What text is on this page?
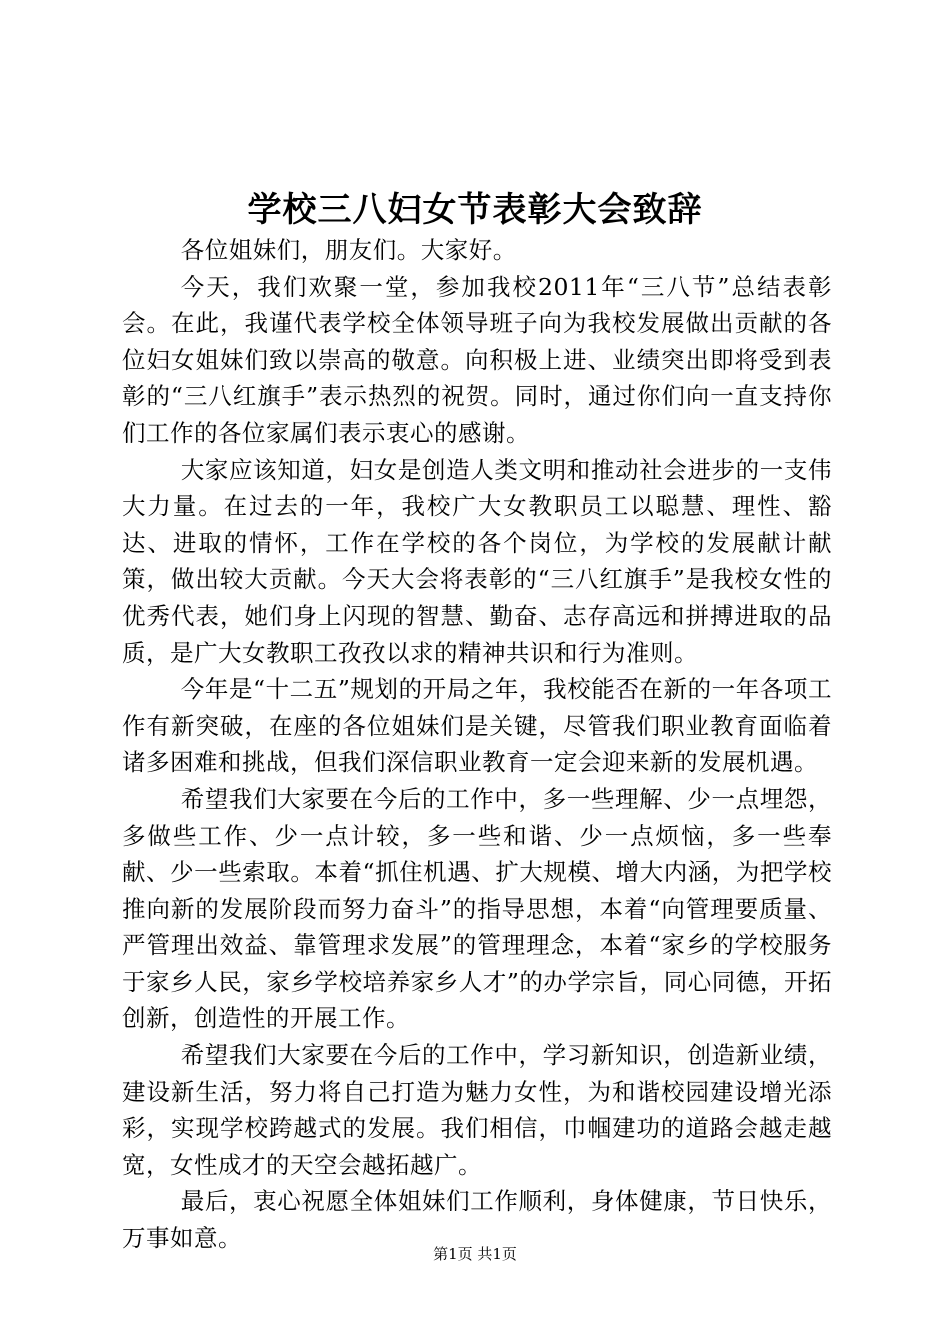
学校三八妇女节表彰大会致辞

各位姐妹们，朋友们。大家好。

今天，我们欢聚一堂，参加我校2011年“三八节”总结表彰会。在此，我谨代表学校全体领导班子向为我校发展做出贡献的各位妇女姐妹们致以崇高的敬意。向积极上进、业绩突出即将受到表彰的“三八红旗手”表示热烈的祝贺。同时，通过你们向一直支持你们工作的各位家属们表示衷心的感谢。

大家应该知道，妇女是创造人类文明和推动社会进步的一支伟大力量。在过去的一年，我校广大女教职员工以聪慧、理性、豁达、进取的情怀，工作在学校的各个岗位，为学校的发展献计献策，做出较大贡献。今天大会将表彰的“三八红旗手”是我校女性的优秀代表，她们身上闪现的智慧、勤奋、志存高远和拼搏进取的品质，是广大女教职工孜孜以求的精神共识和行为准则。

今年是“十二五”规划的开局之年，我校能否在新的一年各项工作有新突破，在座的各位姐妹们是关键，尽管我们职业教育面临着诸多困难和挑战，但我们深信职业教育一定会迎来新的发展机遇。

希望我们大家要在今后的工作中，多一些理解、少一点埋怨，多做些工作、少一点计较，多一些和谐、少一点烦恼，多一些奉献、少一些索取。本着“抓住机遇、扩大规模、增大内涵，为把学校推向新的发展阶段而努力奋斗”的指导思想，本着“向管理要质量、严管理出效益、靠管理求发展”的管理理念，本着“家乡的学校服务于家乡人民，家乡学校培养家乡人才”的办学宗旨，同心同德，开拓创新，创造性的开展工作。

希望我们大家要在今后的工作中，学习新知识，创造新业绩，建设新生活，努力将自己打造为魅力女性，为和谐校园建设增光添彩，实现学校跨越式的发展。我们相信，巾帼建功的道路会越走越宽，女性成才的天空会越拓越广。

最后，衷心祝愿全体姐妹们工作顺利，身体健康，节日快乐，万事如意。

第1页 共1页
